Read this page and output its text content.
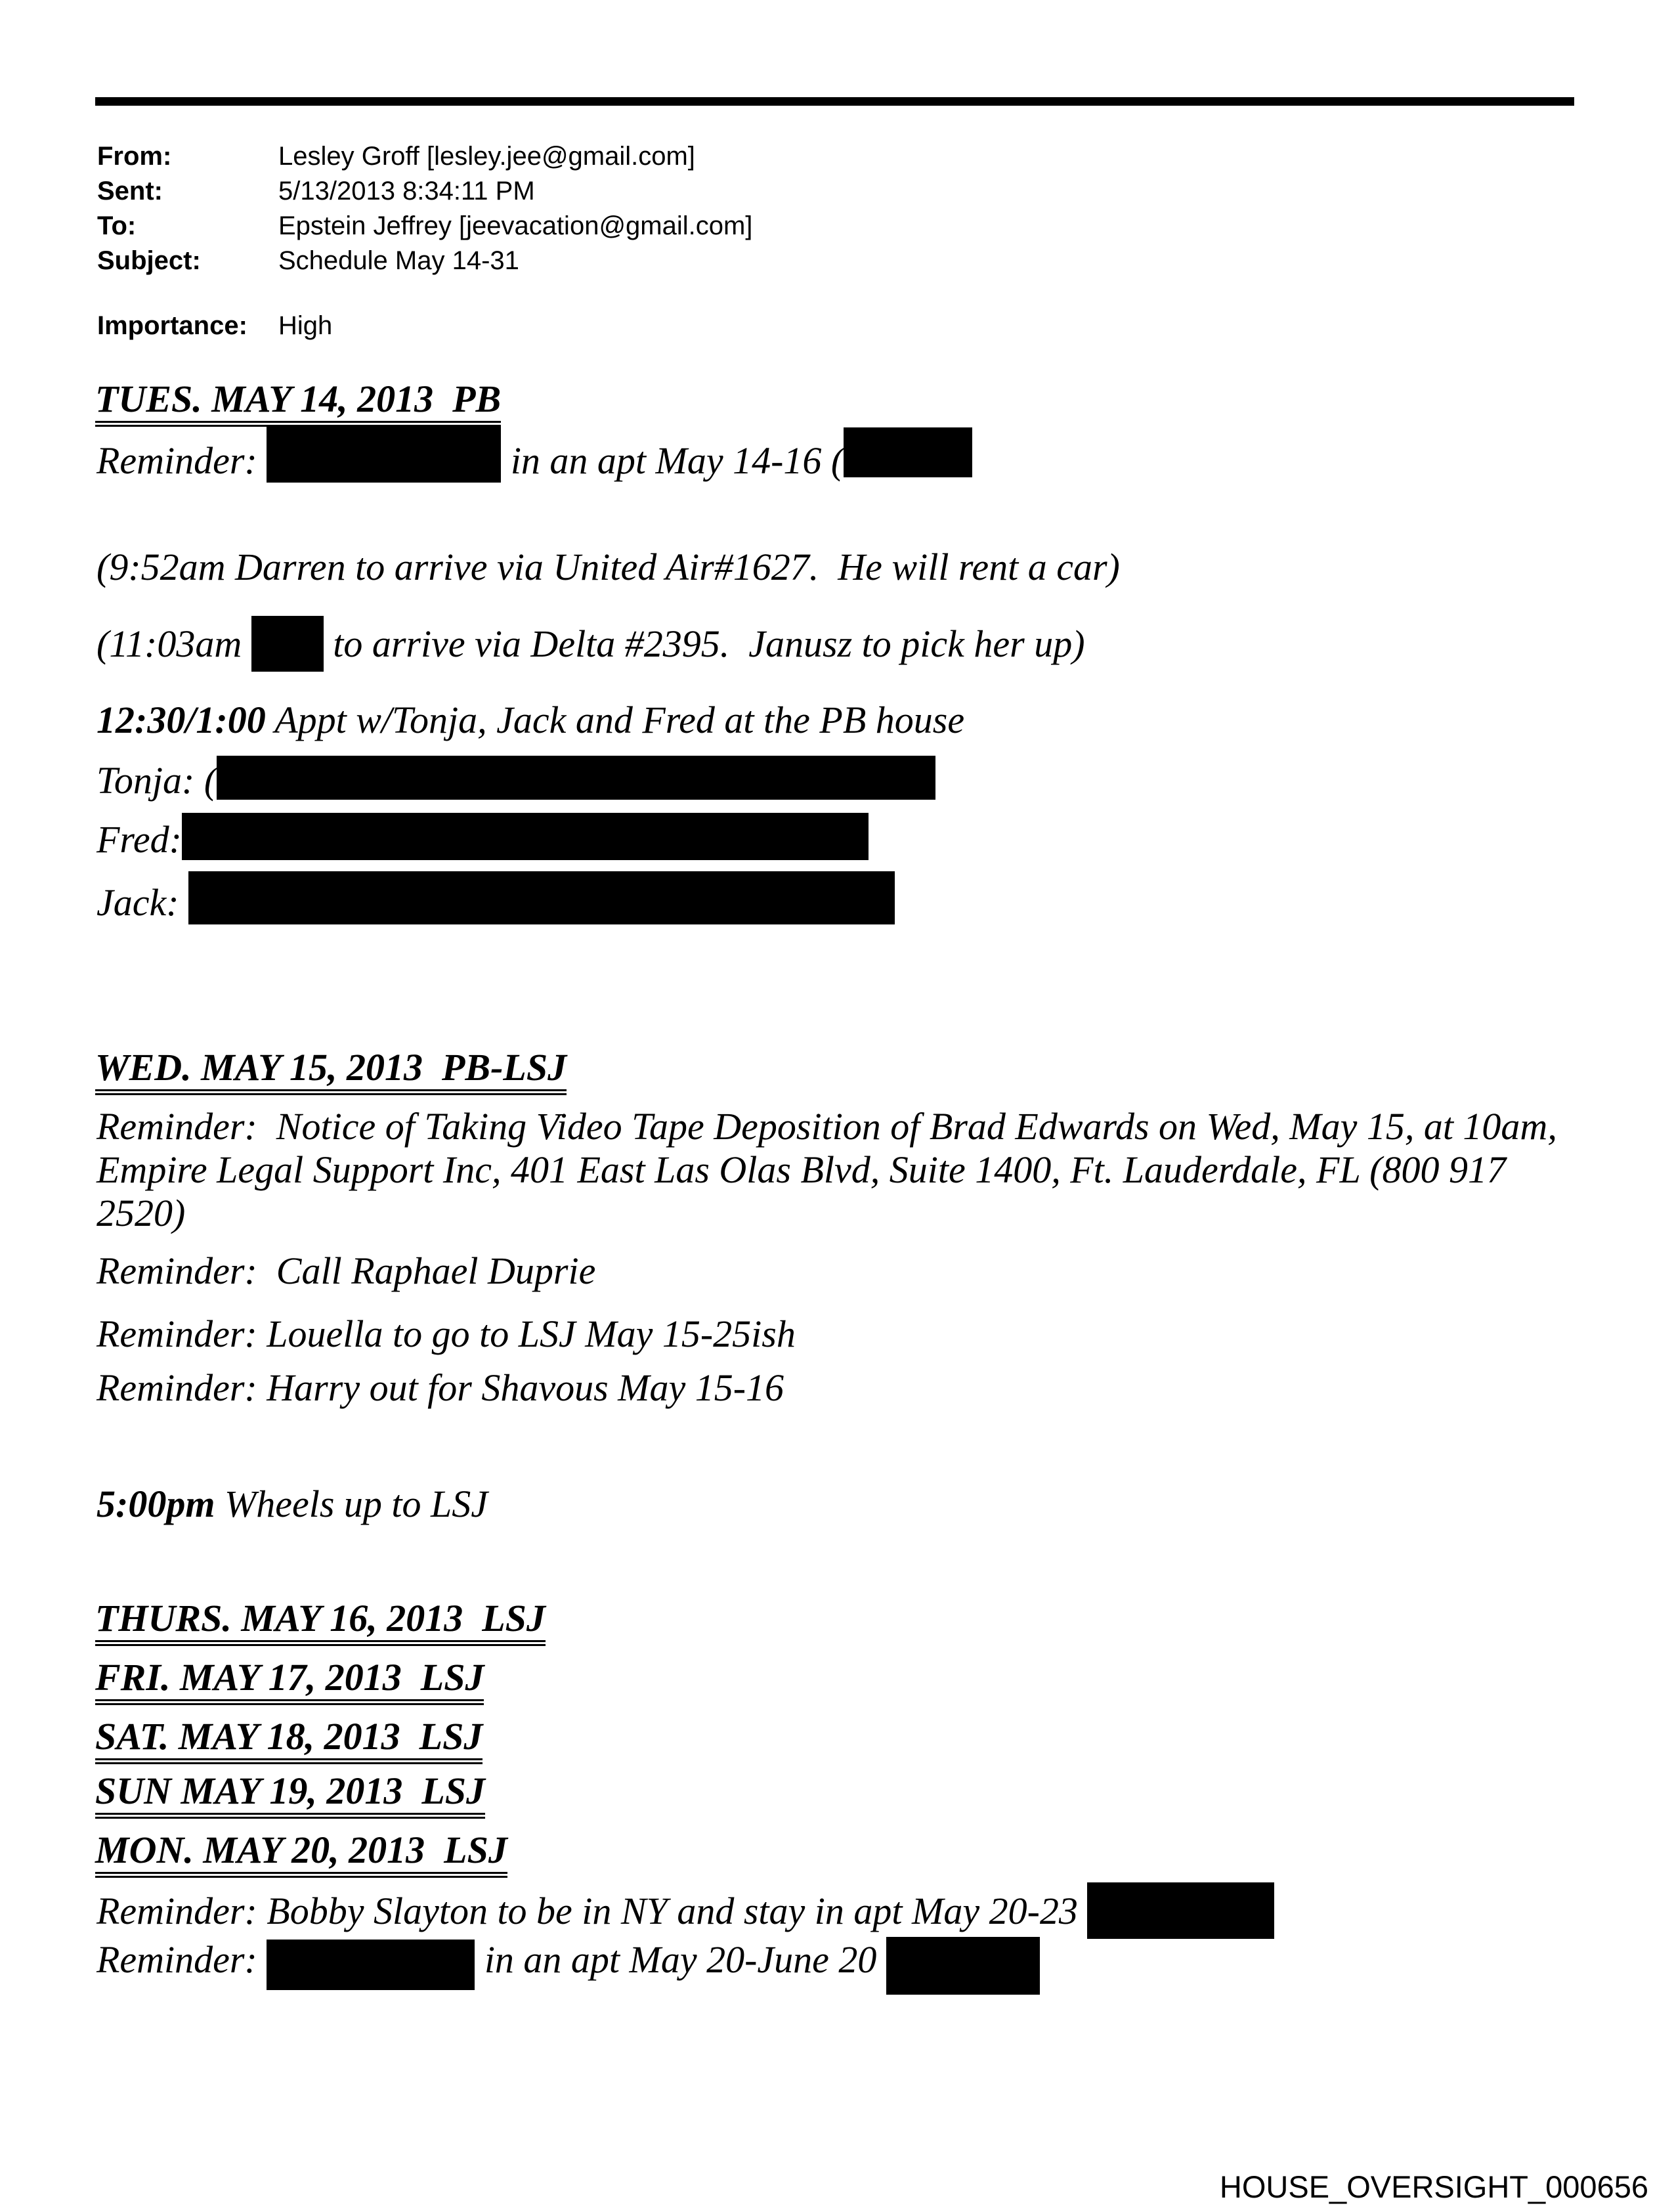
From:	Lesley Groff [lesley.jee@gmail.com]
Sent:	5/13/2013 8:34:11 PM
To:	Epstein Jeffrey [jeevacation@gmail.com]
Subject:	Schedule May 14-31
Importance:	High
TUES. MAY 14, 2013  PB
Reminder:	in an apt May 14-16 (
(9:52am Darren to arrive via United Air#1627.  He will rent a car)
(11:03am  to arrive via Delta #2395.  Janusz to pick her up)
12:30/1:00 Appt w/Tonja, Jack and Fred at the PB house
Tonja: (
Fred:
Jack:
WED. MAY 15, 2013  PB-LSJ
Reminder:  Notice of Taking Video Tape Deposition of Brad Edwards on Wed, May 15, at 10am, Empire Legal Support Inc, 401 East Las Olas Blvd, Suite 1400, Ft. Lauderdale, FL (800 917 2520)
Reminder:  Call Raphael Duprie
Reminder: Louella to go to LSJ May 15-25ish
Reminder: Harry out for Shavous May 15-16
5:00pm Wheels up to LSJ
THURS. MAY 16, 2013  LSJ
FRI. MAY 17, 2013  LSJ
SAT. MAY 18, 2013  LSJ
SUN MAY 19, 2013  LSJ
MON. MAY 20, 2013  LSJ
Reminder: Bobby Slayton to be in NY and stay in apt May 20-23
Reminder:	in an apt May 20-June 20
HOUSE_OVERSIGHT_000656
